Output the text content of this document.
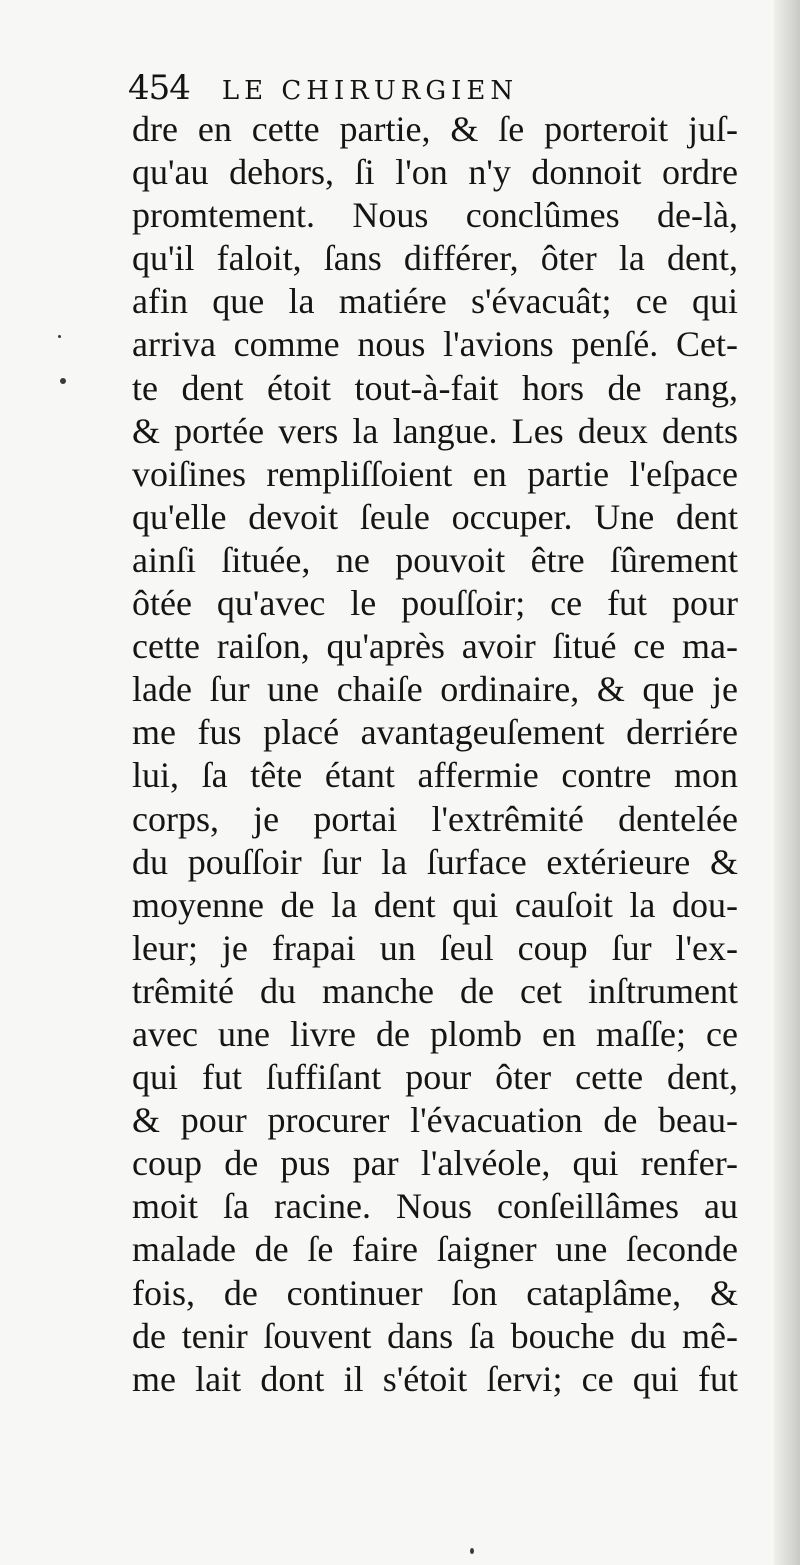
454 LE CHIRURGIEN
dre en cette partie, & ſe porteroit juſ-
qu'au dehors, ſi l'on n'y donnoit ordre
promtement. Nous conclûmes de-là,
qu'il faloit, ſans différer, ôter la dent,
afin que la matiére s'évacuât; ce qui
arriva comme nous l'avions penſé. Cet-
te dent étoit tout-à-fait hors de rang,
& portée vers la langue. Les deux dents
voiſines rempliſſoient en partie l'eſpace
qu'elle devoit ſeule occuper. Une dent
ainſi ſituée, ne pouvoit être ſûrement
ôtée qu'avec le pouſſoir; ce fut pour
cette raiſon, qu'après avoir ſitué ce ma-
lade ſur une chaiſe ordinaire, & que je
me fus placé avantageuſement derriére
lui, ſa tête étant affermie contre mon
corps, je portai l'extrêmité dentelée
du pouſſoir ſur la ſurface extérieure &
moyenne de la dent qui cauſoit la dou-
leur; je frapai un ſeul coup ſur l'ex-
trêmité du manche de cet inſtrument
avec une livre de plomb en maſſe; ce
qui fut ſuffiſant pour ôter cette dent,
& pour procurer l'évacuation de beau-
coup de pus par l'alvéole, qui renfer-
moit ſa racine. Nous conſeillâmes au
malade de ſe faire ſaigner une ſeconde
fois, de continuer ſon cataplâme, &
de tenir ſouvent dans ſa bouche du mê-
me lait dont il s'étoit ſervi; ce qui fut
